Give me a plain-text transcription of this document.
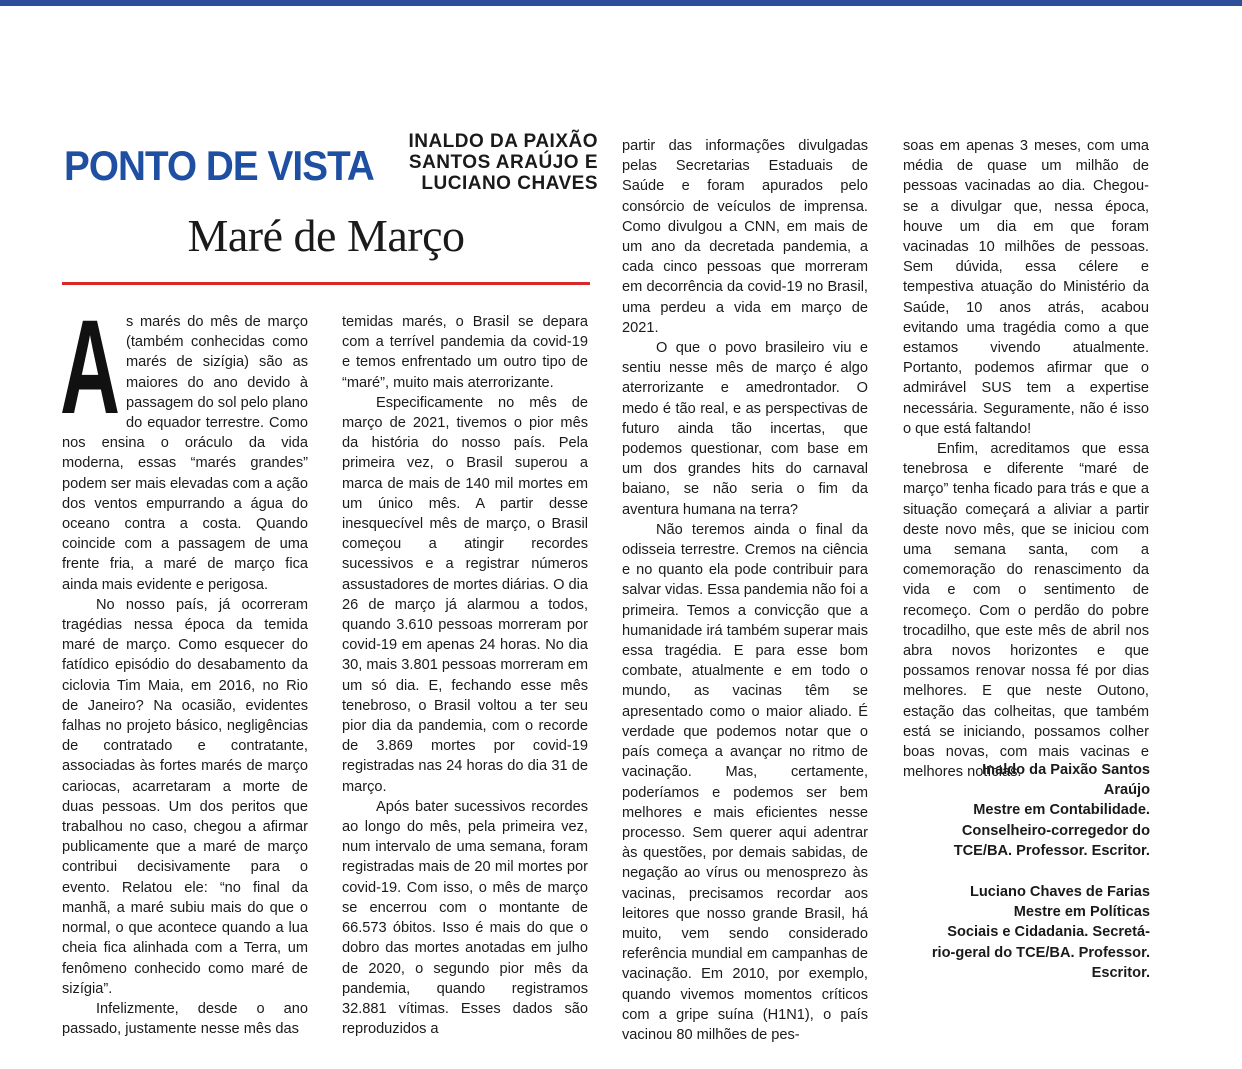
PONTO DE VISTA
INALDO DA PAIXÃO
SANTOS ARAÚJO E
LUCIANO CHAVES
Maré de Março
A s marés do mês de março (também conhecidas como marés de sizígia) são as maiores do ano devido à passagem do sol pelo plano do equador terrestre. Como nos ensina o oráculo da vida moderna, essas “marés grandes” podem ser mais elevadas com a ação dos ventos empurrando a água do oceano contra a costa. Quando coincide com a passagem de uma frente fria, a maré de março fica ainda mais evidente e perigosa.

No nosso país, já ocorreram tragédias nessa época da temida maré de março. Como esquecer do fatídico episódio do desabamento da ciclovia Tim Maia, em 2016, no Rio de Janeiro? Na ocasião, evidentes falhas no projeto básico, negligências de contratado e contratante, associadas às fortes marés de março cariocas, acarretaram a morte de duas pessoas. Um dos peritos que trabalhou no caso, chegou a afirmar publicamente que a maré de março contribui decisivamente para o evento. Relatou ele: “no final da manhã, a maré subiu mais do que o normal, o que acontece quando a lua cheia fica alinhada com a Terra, um fenômeno conhecido como maré de sizígia”.

Infelizmente, desde o ano passado, justamente nesse mês das

temidas marés, o Brasil se depara com a terrível pandemia da covid-19 e temos enfrentado um outro tipo de “maré”, muito mais aterrorizante.

Especificamente no mês de março de 2021, tivemos o pior mês da história do nosso país. Pela primeira vez, o Brasil superou a marca de mais de 140 mil mortes em um único mês. A partir desse inesquecível mês de março, o Brasil começou a atingir recordes sucessivos e a registrar números assustadores de mortes diárias. O dia 26 de março já alarmou a todos, quando 3.610 pessoas morreram por covid-19 em apenas 24 horas. No dia 30, mais 3.801 pessoas morreram em um só dia. E, fechando esse mês tenebroso, o Brasil voltou a ter seu pior dia da pandemia, com o recorde de 3.869 mortes por covid-19 registradas nas 24 horas do dia 31 de março.

Após bater sucessivos recordes ao longo do mês, pela primeira vez, num intervalo de uma semana, foram registradas mais de 20 mil mortes por covid-19. Com isso, o mês de março se encerrou com o montante de 66.573 óbitos. Isso é mais do que o dobro das mortes anotadas em julho de 2020, o segundo pior mês da pandemia, quando registramos 32.881 vítimas. Esses dados são reproduzidos a

partir das informações divulgadas pelas Secretarias Estaduais de Saúde e foram apurados pelo consórcio de veículos de imprensa. Como divulgou a CNN, em mais de um ano da decretada pandemia, a cada cinco pessoas que morreram em decorrência da covid-19 no Brasil, uma perdeu a vida em março de 2021.

O que o povo brasileiro viu e sentiu nesse mês de março é algo aterrorizante e amedrontador. O medo é tão real, e as perspectivas de futuro ainda tão incertas, que podemos questionar, com base em um dos grandes hits do carnaval baiano, se não seria o fim da aventura humana na terra?

Não teremos ainda o final da odisseia terrestre. Cremos na ciência e no quanto ela pode contribuir para salvar vidas. Essa pandemia não foi a primeira. Temos a convicção que a humanidade irá também superar mais essa tragédia. E para esse bom combate, atualmente e em todo o mundo, as vacinas têm se apresentado como o maior aliado. É verdade que podemos notar que o país começa a avançar no ritmo de vacinação. Mas, certamente, poderíamos e podemos ser bem melhores e mais eficientes nesse processo. Sem querer aqui adentrar às questões, por demais sabidas, de negação ao vírus ou menosprezo às vacinas, precisamos recordar aos leitores que nosso grande Brasil, há muito, vem sendo considerado referência mundial em campanhas de vacinação. Em 2010, por exemplo, quando vivemos momentos críticos com a gripe suína (H1N1), o país vacinou 80 milhões de pes-

soas em apenas 3 meses, com uma média de quase um milhão de pessoas vacinadas ao dia. Chegou-se a divulgar que, nessa época, houve um dia em que foram vacinadas 10 milhões de pessoas. Sem dúvida, essa célere e tempestiva atuação do Ministério da Saúde, 10 anos atrás, acabou evitando uma tragédia como a que estamos vivendo atualmente. Portanto, podemos afirmar que o admirável SUS tem a expertise necessária. Seguramente, não é isso o que está faltando!

Enfim, acreditamos que essa tenebrosa e diferente “maré de março” tenha ficado para trás e que a situação começará a aliviar a partir deste novo mês, que se iniciou com uma semana santa, com a comemoração do renascimento da vida e com o sentimento de recomeço. Com o perdão do pobre trocadilho, que este mês de abril nos abra novos horizontes e que possamos renovar nossa fé por dias melhores. E que neste Outono, estação das colheitas, que também está se iniciando, possamos colher boas novas, com mais vacinas e melhores notícias.

Inaldo da Paixão Santos
Araújo
Mestre em Contabilidade.
Conselheiro-corregedor do
TCE/BA. Professor. Escritor.
Luciano Chaves de Farias
Mestre em Políticas
Sociais e Cidadania. Secretá-
rio-geral do TCE/BA. Professor.
Escritor.
